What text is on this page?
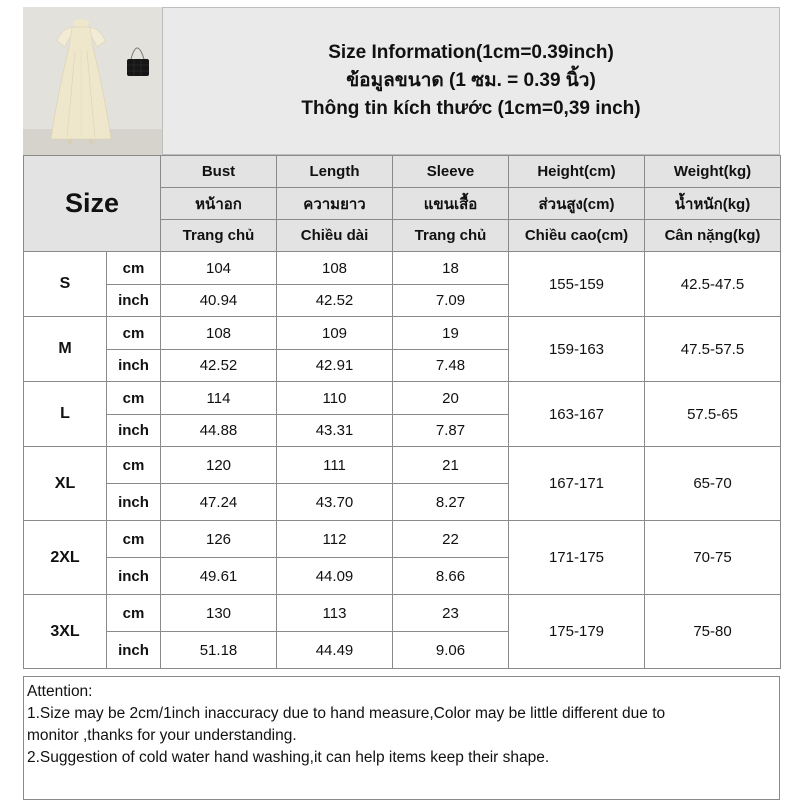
Size Information(1cm=0.39inch)
ข้อมูลขนาด (1 ซม. = 0.39 นิ้ว)
Thông tin kích thước (1cm=0,39 inch)
Size		Bust	Length	Sleeve	Height(cm)	Weight(kg)
		หน้าอก	ความยาว	แขนเสื้อ	ส่วนสูง(cm)	น้ำหนัก(kg)
		Trang chủ	Chiều dài	Trang chủ	Chiều cao(cm)	Cân nặng(kg)
S	cm	104	108	18	155-159	42.5-47.5
	inch	40.94	42.52	7.09		
M	cm	108	109	19	159-163	47.5-57.5
	inch	42.52	42.91	7.48		
L	cm	114	110	20	163-167	57.5-65
	inch	44.88	43.31	7.87		
XL	cm	120	111	21	167-171	65-70
	inch	47.24	43.70	8.27		
2XL	cm	126	112	22	171-175	70-75
	inch	49.61	44.09	8.66		
3XL	cm	130	113	23	175-179	75-80
	inch	51.18	44.49	9.06		
Attention:
1.Size may be 2cm/1inch inaccuracy due to hand measure,Color may be little different due to
monitor ,thanks for your understanding.
2.Suggestion of cold water hand washing,it can help items keep their shape.
